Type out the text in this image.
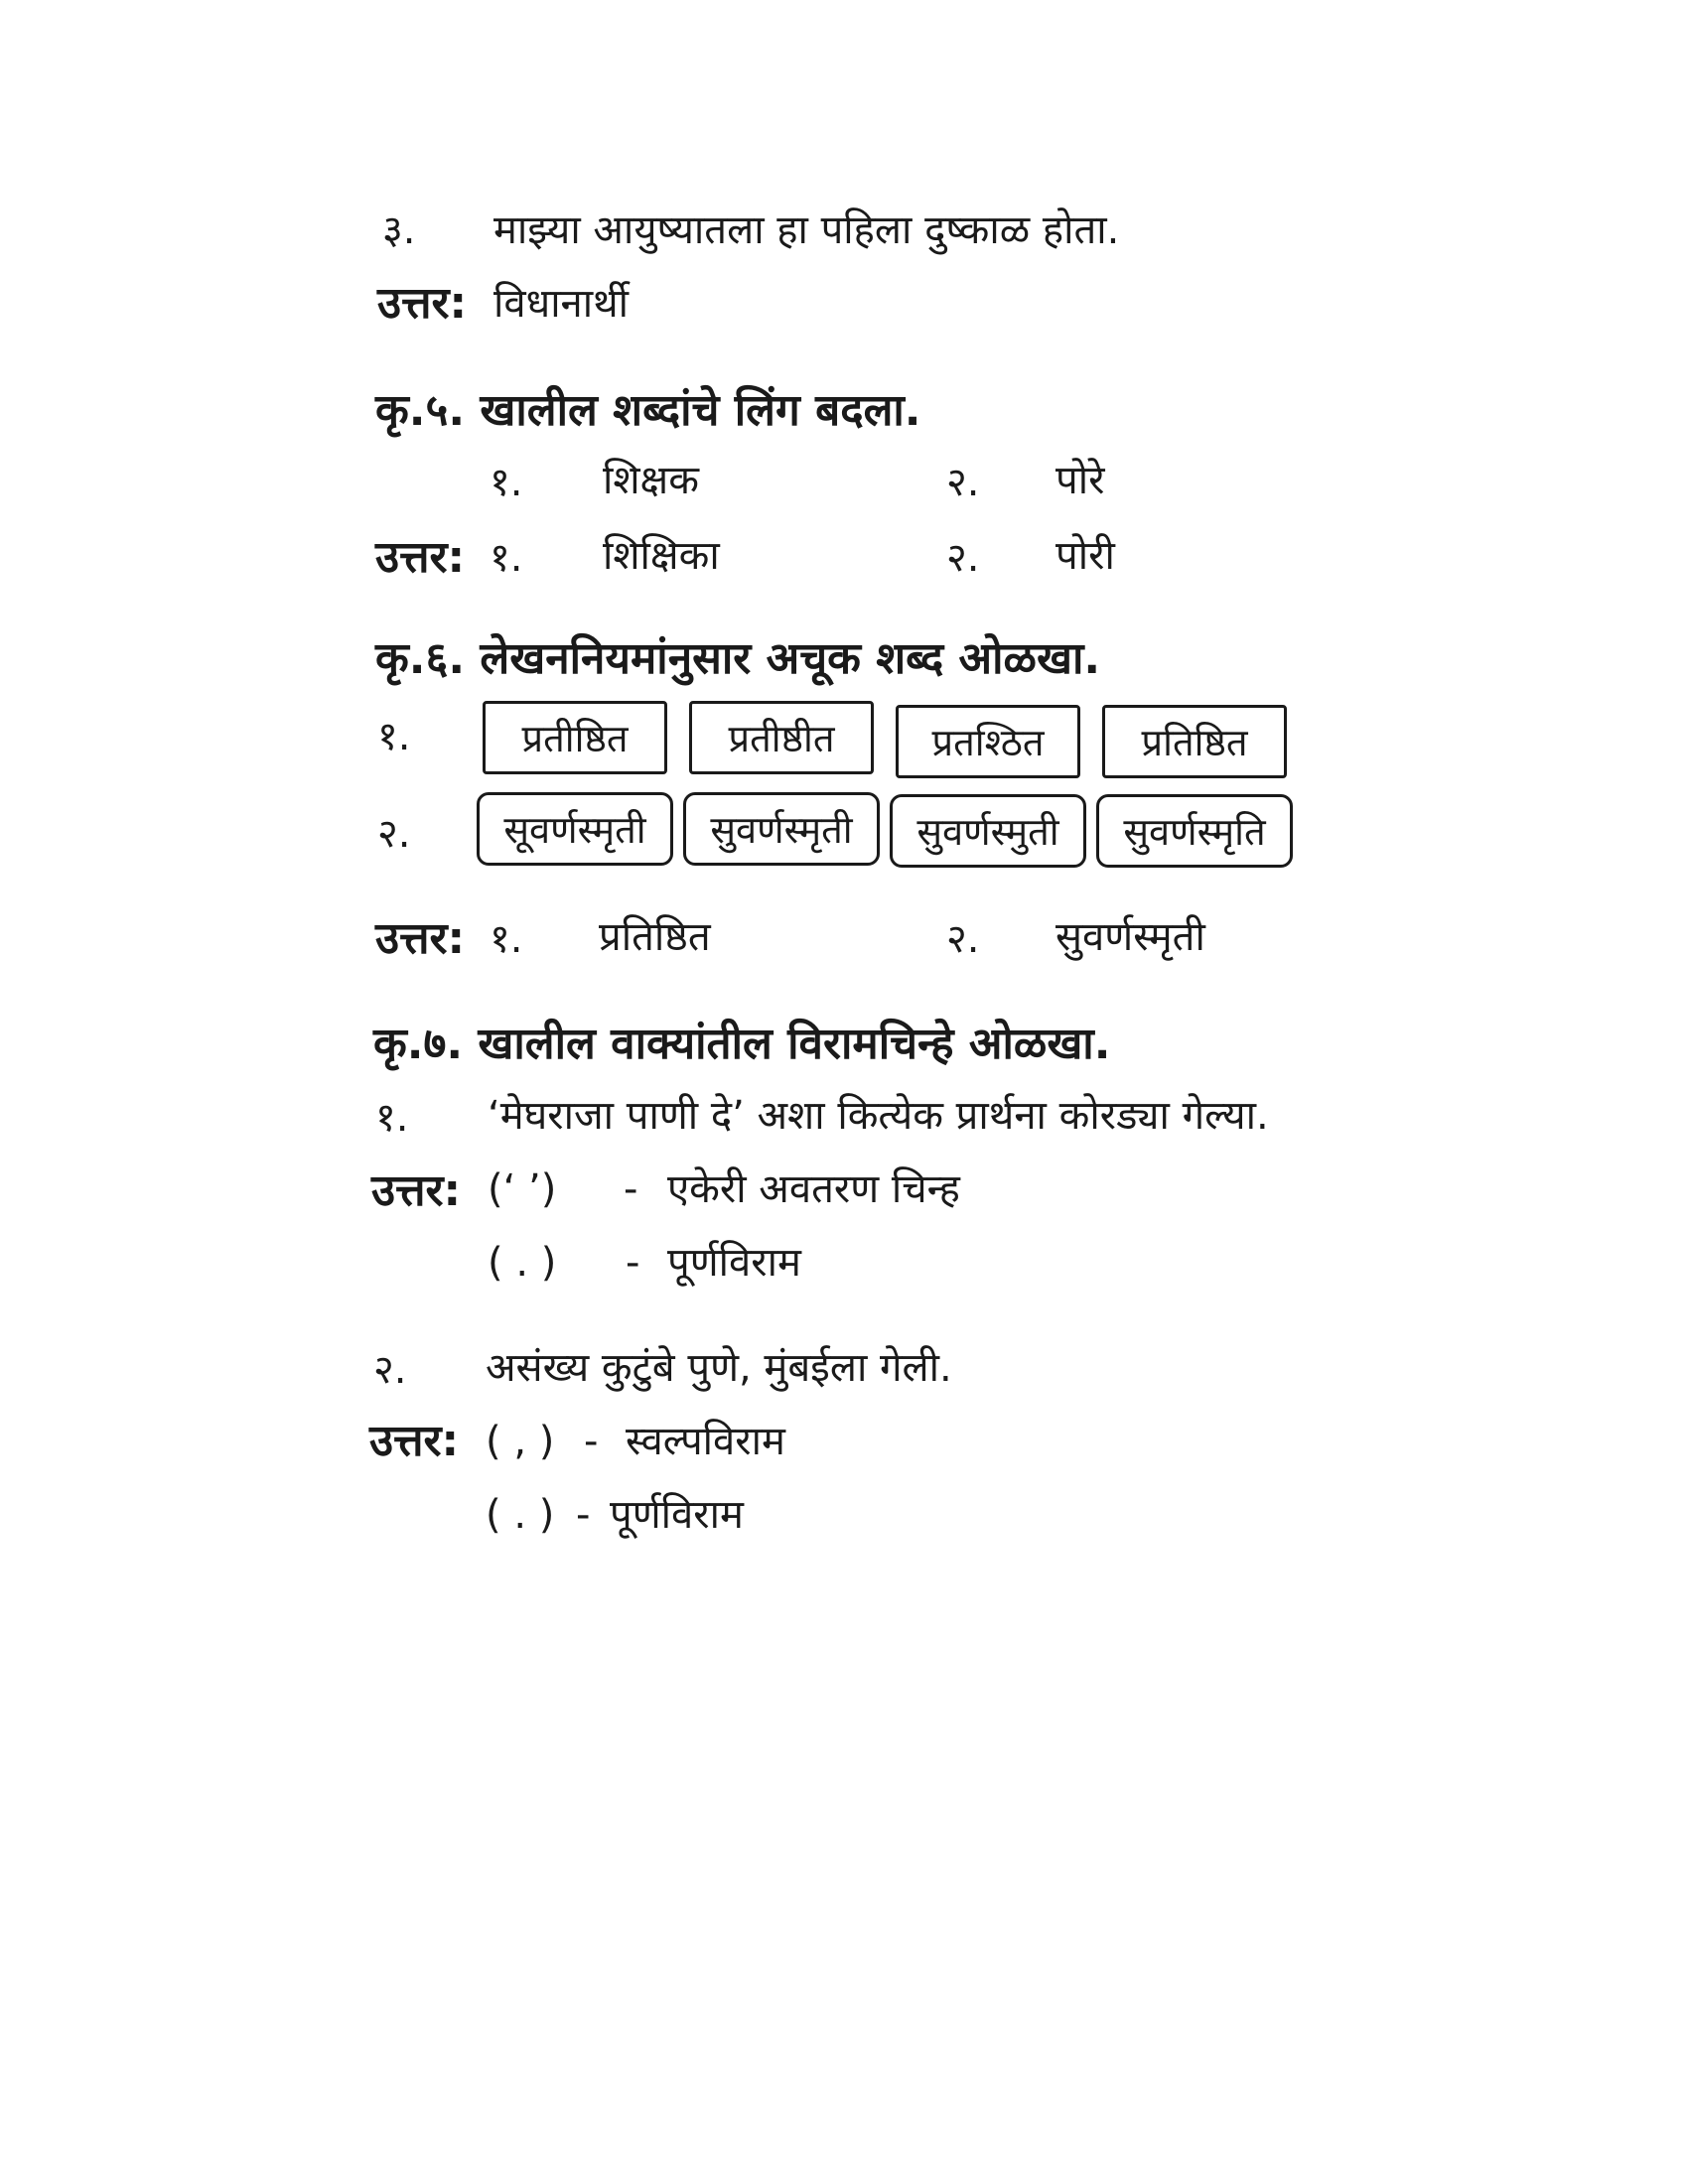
३. माझ्या आयुष्यातला हा पहिला दुष्काळ होता.
उत्तर: विधानार्थी
कृ.५. खालील शब्दांचे लिंग बदला.
१. शिक्षक	२. पोरे
उत्तर: १. शिक्षिका	२. पोरी
कृ.६. लेखननियमांनुसार अचूक शब्द ओळखा.
१.	प्रतीष्ठित	प्रतीष्ठीत	प्रतश्ठित	प्रतिष्ठित
२.	सूवर्णस्मृती	सुवर्णस्मृती	सुवर्णस्मुती	सुवर्णस्मृति
उत्तर: १. प्रतिष्ठित	२. सुवर्णस्मृती
कृ.७. खालील वाक्यांतील विरामचिन्हे ओळखा.
१. ‘मेघराजा पाणी दे’ अशा कित्येक प्रार्थना कोरड्या गेल्या.
उत्तर: (‘ ’) - एकेरी अवतरण चिन्ह
( . ) - पूर्णविराम
२. असंख्य कुटुंबे पुणे, मुंबईला गेली.
उत्तर: ( , ) - स्वल्पविराम
( . ) - पूर्णविराम
